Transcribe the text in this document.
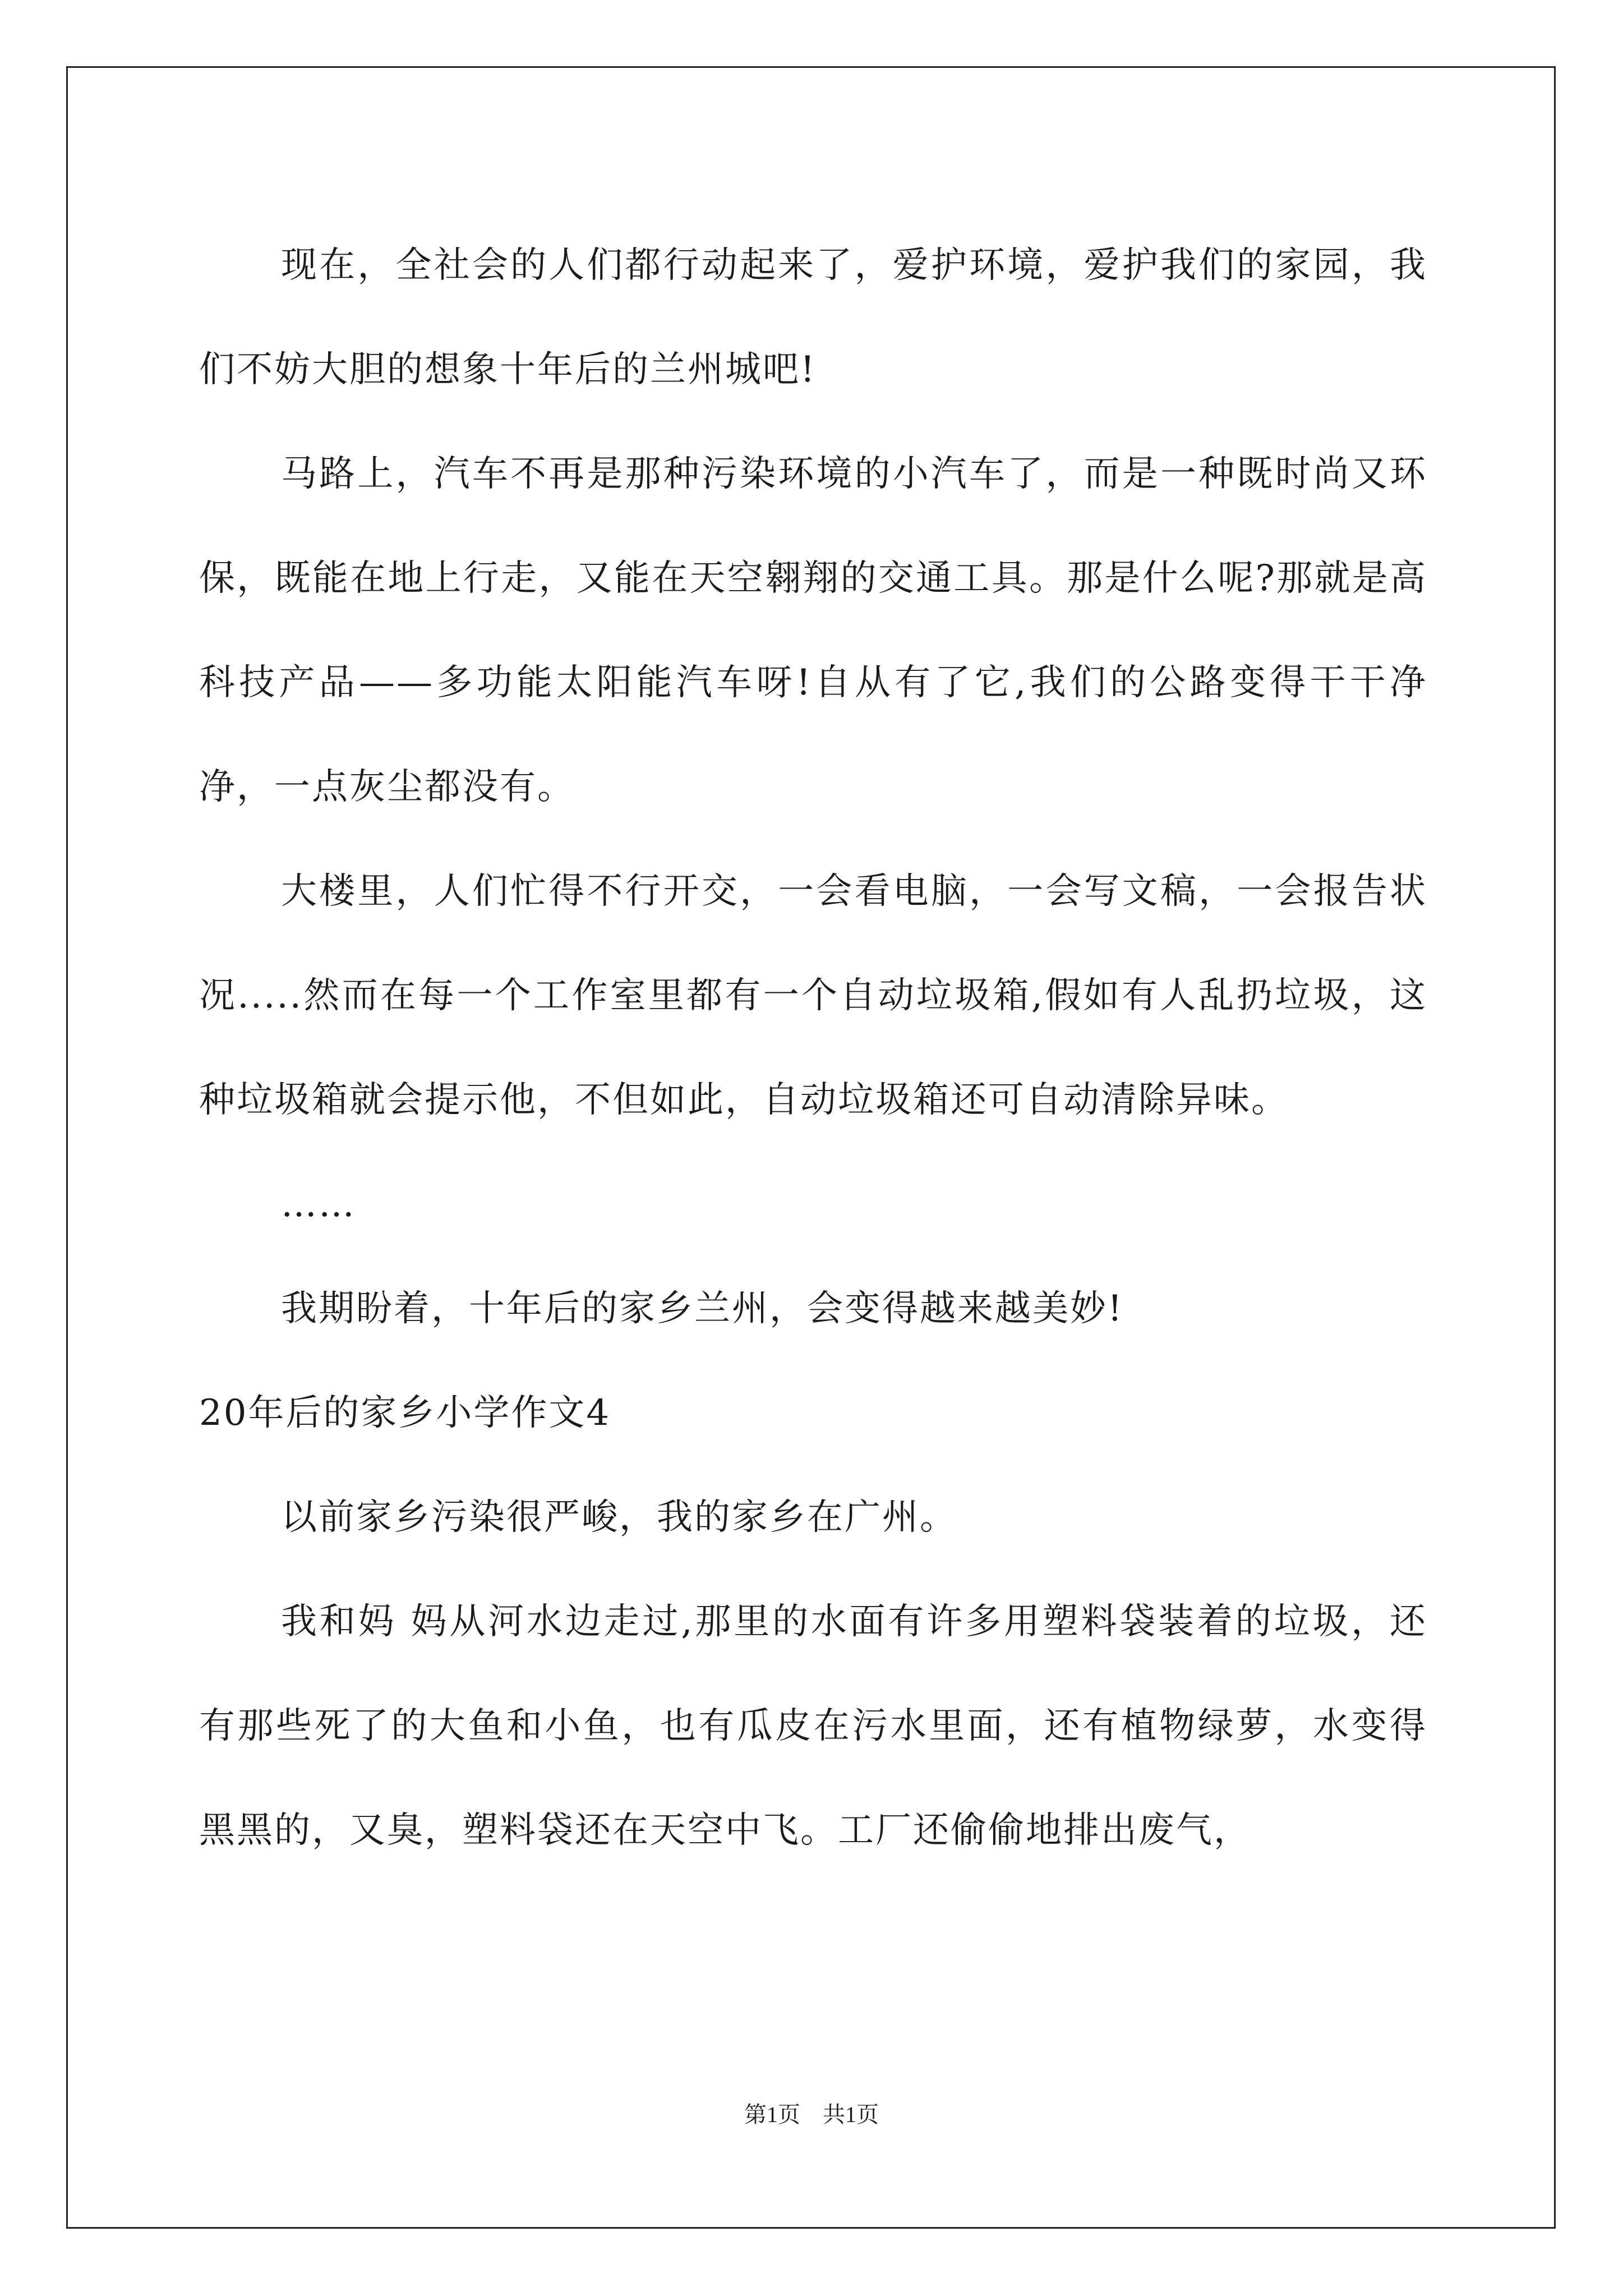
现在，全社会的人们都行动起来了，爱护环境，爱护我们的家园，我们不妨大胆的想象十年后的兰州城吧!

马路上，汽车不再是那种污染环境的小汽车了，而是一种既时尚又环保，既能在地上行走，又能在天空翱翔的交通工具。那是什么呢?那就是高科技产品——多功能太阳能汽车呀!自从有了它,我们的公路变得干干净净，一点灰尘都没有。

大楼里，人们忙得不行开交，一会看电脑，一会写文稿，一会报告状况.....然而在每一个工作室里都有一个自动垃圾箱,假如有人乱扔垃圾，这种垃圾箱就会提示他，不但如此，自动垃圾箱还可自动清除异味。

……

我期盼着，十年后的家乡兰州，会变得越来越美妙!

20年后的家乡小学作文4

以前家乡污染很严峻，我的家乡在广州。

我和妈 妈从河水边走过,那里的水面有许多用塑料袋装着的垃圾，还有那些死了的大鱼和小鱼，也有瓜皮在污水里面，还有植物绿萝，水变得黑黑的，又臭，塑料袋还在天空中飞。工厂还偷偷地排出废气，

第1页　共1页
